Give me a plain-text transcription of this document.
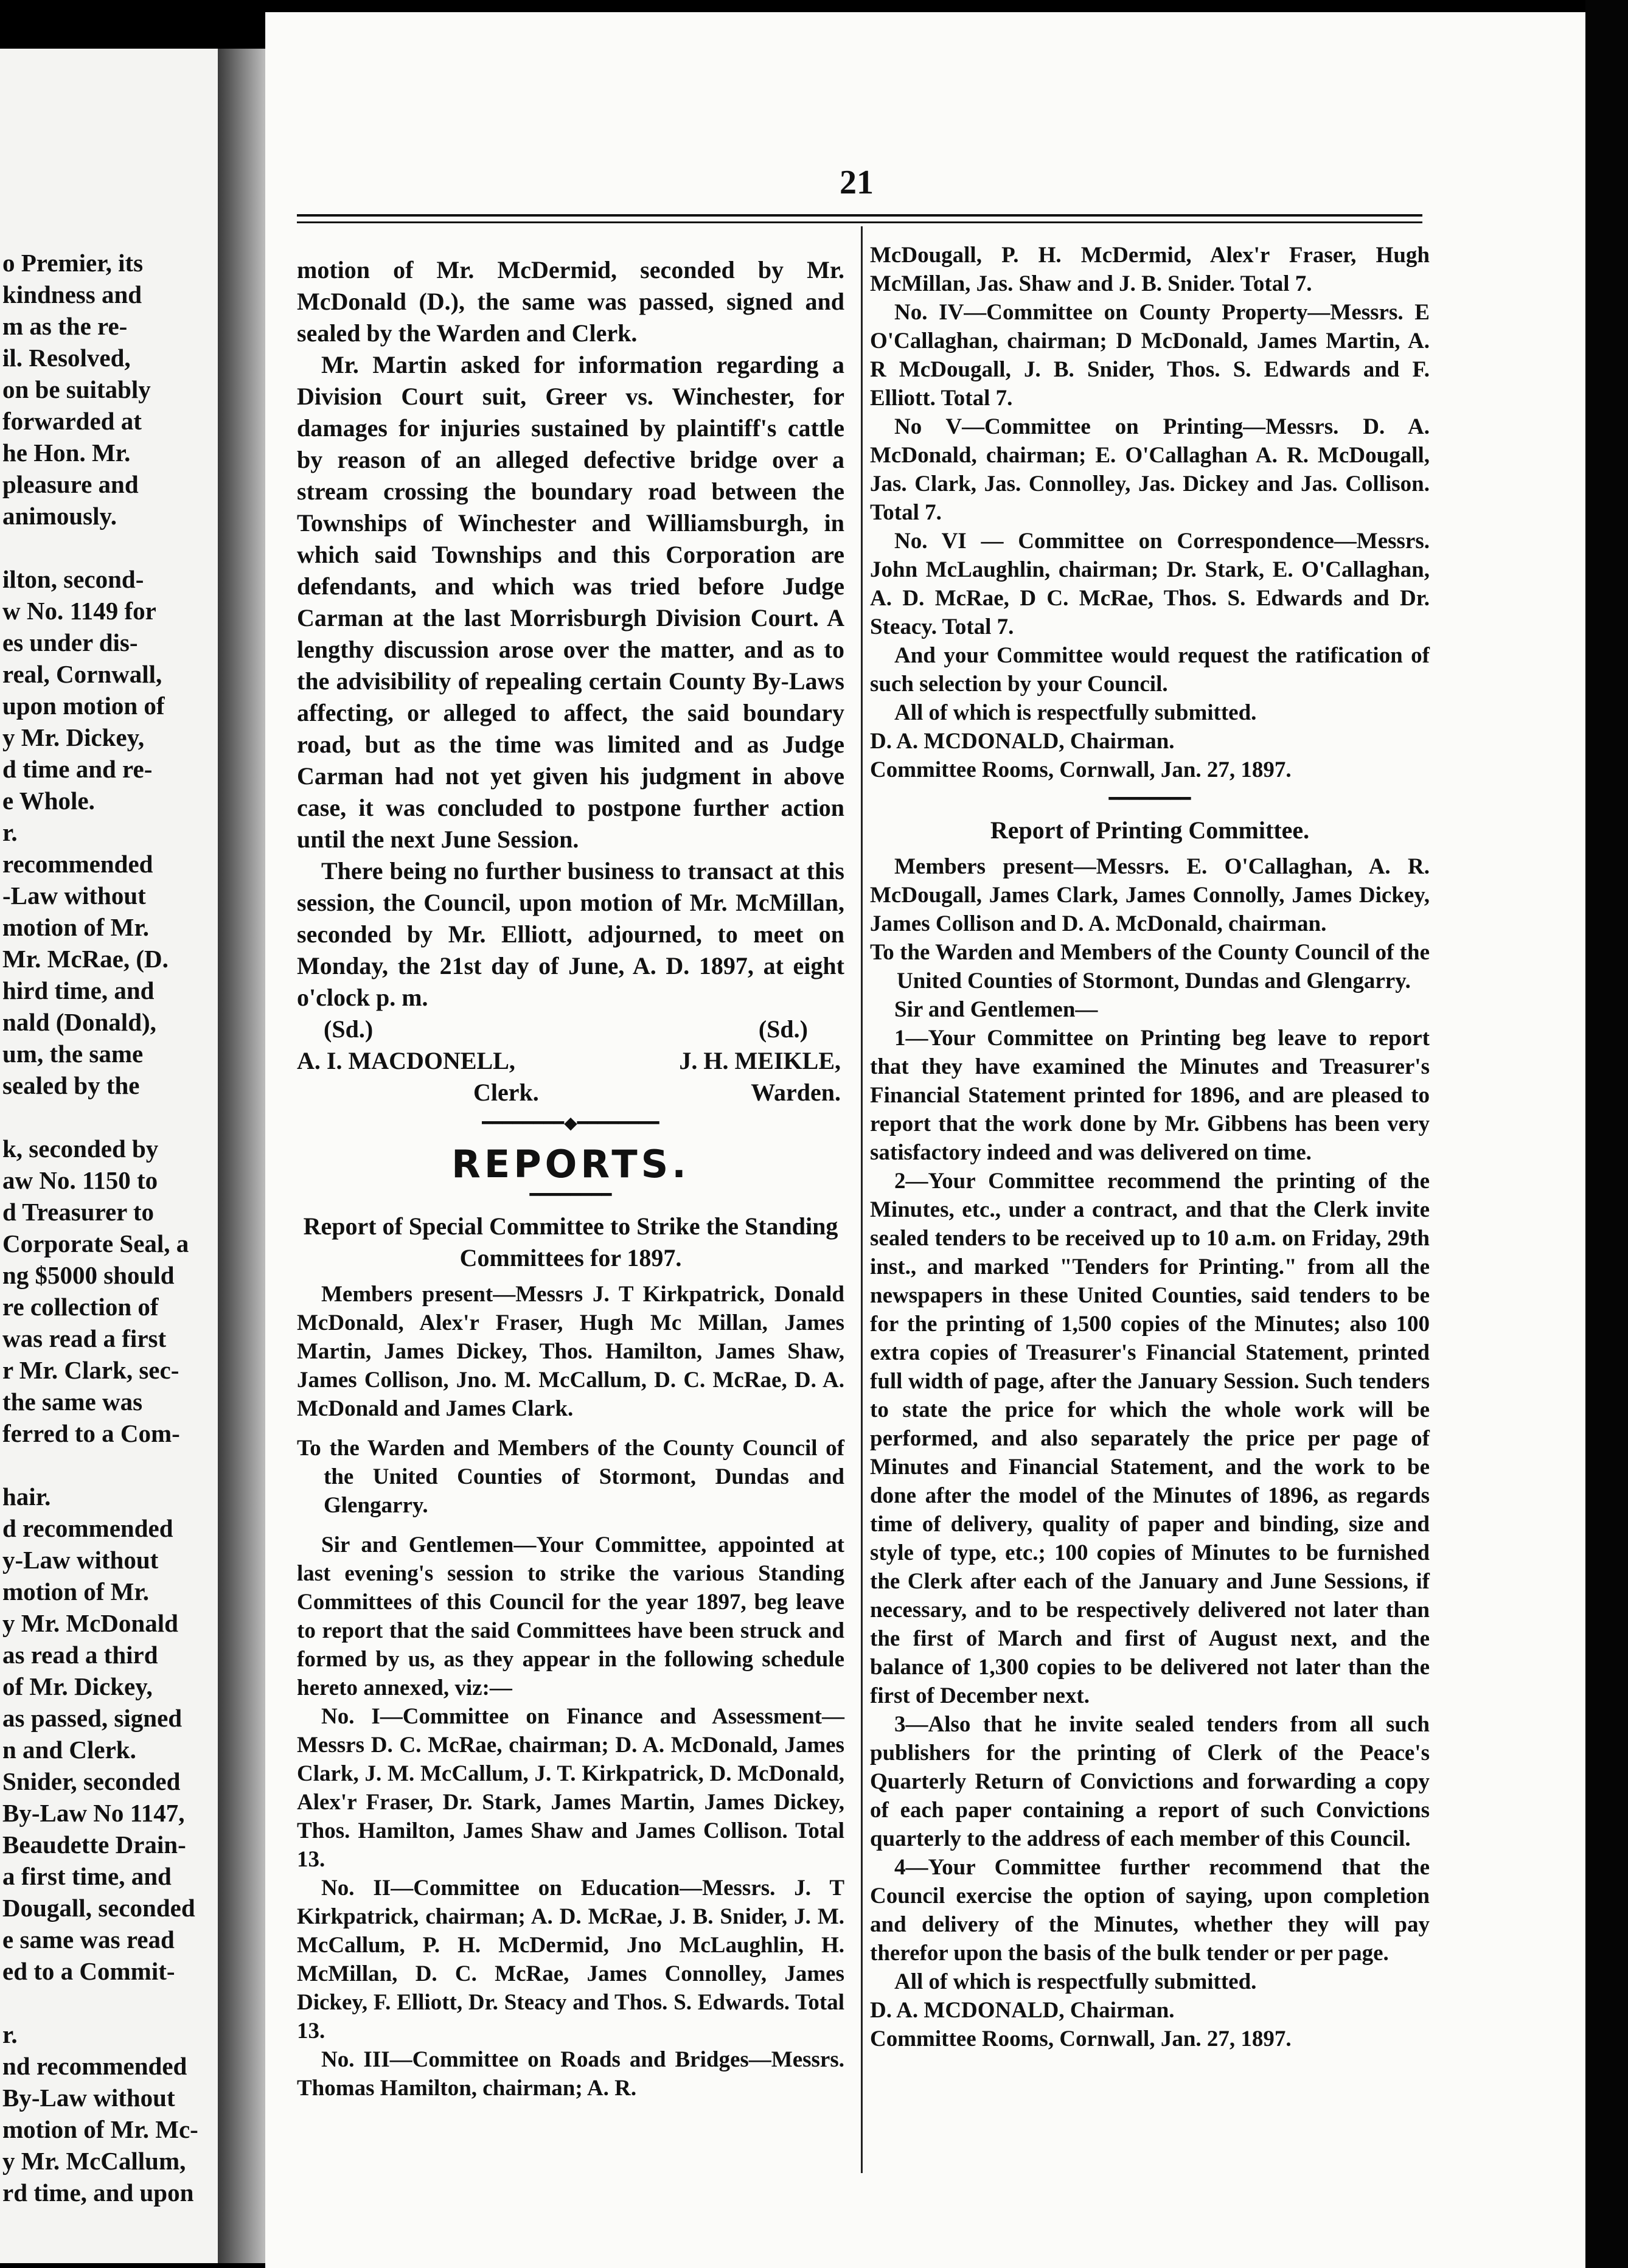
o Premier, its
kindness and
m as the re-
il. Resolved,
on be suitably
forwarded at
he Hon. Mr.
pleasure and
animously.
ilton, second-
w No. 1149 for
es under dis-
real, Cornwall,
upon motion of
y Mr. Dickey,
d time and re-
e Whole.
r.
recommended
-Law without
motion of Mr.
Mr. McRae, (D.
hird time, and
nald (Donald),
um, the same
sealed by the
k, seconded by
aw No. 1150 to
d Treasurer to
Corporate Seal, a
ng $5000 should
re collection of
was read a first
r Mr. Clark, sec-
the same was
ferred to a Com-
hair.
d recommended
y-Law without
motion of Mr.
y Mr. McDonald
as read a third
of Mr. Dickey,
as passed, signed
n and Clerk.
Snider, seconded
By-Law No 1147,
Beaudette Drain-
a first time, and
Dougall, seconded
e same was read
ed to a Commit-
r.
nd recommended
By-Law without
motion of Mr. Mc-
y Mr. McCallum,
rd time, and upon
21

motion of Mr. McDermid, seconded by Mr. McDonald (D.), the same was passed, signed and sealed by the Warden and Clerk.

Mr. Martin asked for information regarding a Division Court suit, Greer vs. Winchester, for damages for injuries sustained by plaintiff's cattle by reason of an alleged defective bridge over a stream crossing the boundary road between the Townships of Winchester and Williamsburgh, in which said Townships and this Corporation are defendants, and which was tried before Judge Carman at the last Morrisburgh Division Court. A lengthy discussion arose over the matter, and as to the advisibility of repealing certain County By-Laws affecting, or alleged to affect, the said boundary road, but as the time was limited and as Judge Carman had not yet given his judgment in above case, it was concluded to postpone further action until the next June Session.

There being no further business to transact at this session, the Council, upon motion of Mr. McMillan, seconded by Mr. Elliott, adjourned, to meet on Monday, the 21st day of June, A. D. 1897, at eight o'clock p. m.

(Sd.)	(Sd.)
A. I. MACDONELL,	J. H. MEIKLE,
Clerk.	Warden.
━━━━━━━━◆━━━━━━━━
REPORTS.
━━━━━━━━
Report of Special Committee to Strike the Standing Committees for 1897.

Members present—Messrs J. T Kirkpatrick, Donald McDonald, Alex'r Fraser, Hugh Mc Millan, James Martin, James Dickey, Thos. Hamilton, James Shaw, James Collison, Jno. M. McCallum, D. C. McRae, D. A. McDonald and James Clark.

To the Warden and Members of the County Council of the United Counties of Stormont, Dundas and Glengarry.

Sir and Gentlemen—Your Committee, appointed at last evening's session to strike the various Standing Committees of this Council for the year 1897, beg leave to report that the said Committees have been struck and formed by us, as they appear in the following schedule hereto annexed, viz:—

No. I—Committee on Finance and Assessment—Messrs D. C. McRae, chairman; D. A. McDonald, James Clark, J. M. McCallum, J. T. Kirkpatrick, D. McDonald, Alex'r Fraser, Dr. Stark, James Martin, James Dickey, Thos. Hamilton, James Shaw and James Collison. Total 13.

No. II—Committee on Education—Messrs. J. T Kirkpatrick, chairman; A. D. McRae, J. B. Snider, J. M. McCallum, P. H. McDermid, Jno McLaughlin, H. McMillan, D. C. McRae, James Connolley, James Dickey, F. Elliott, Dr. Steacy and Thos. S. Edwards. Total 13.

No. III—Committee on Roads and Bridges—Messrs. Thomas Hamilton, chairman; A. R.

McDougall, P. H. McDermid, Alex'r Fraser, Hugh McMillan, Jas. Shaw and J. B. Snider. Total 7.

No. IV—Committee on County Property—Messrs. E O'Callaghan, chairman; D McDonald, James Martin, A. R McDougall, J. B. Snider, Thos. S. Edwards and F. Elliott. Total 7.

No V—Committee on Printing—Messrs. D. A. McDonald, chairman; E. O'Callaghan A. R. McDougall, Jas. Clark, Jas. Connolley, Jas. Dickey and Jas. Collison. Total 7.

No. VI — Committee on Correspondence—Messrs. John McLaughlin, chairman; Dr. Stark, E. O'Callaghan, A. D. McRae, D C. McRae, Thos. S. Edwards and Dr. Steacy. Total 7.

And your Committee would request the ratification of such selection by your Council.

All of which is respectfully submitted.

D. A. MCDONALD, Chairman.

Committee Rooms, Cornwall, Jan. 27, 1897.

━━━━━━━━
Report of Printing Committee.

Members present—Messrs. E. O'Callaghan, A. R. McDougall, James Clark, James Connolly, James Dickey, James Collison and D. A. McDonald, chairman.

To the Warden and Members of the County Council of the United Counties of Stormont, Dundas and Glengarry.

Sir and Gentlemen—

1—Your Committee on Printing beg leave to report that they have examined the Minutes and Treasurer's Financial Statement printed for 1896, and are pleased to report that the work done by Mr. Gibbens has been very satisfactory indeed and was delivered on time.

2—Your Committee recommend the printing of the Minutes, etc., under a contract, and that the Clerk invite sealed tenders to be received up to 10 a.m. on Friday, 29th inst., and marked "Tenders for Printing." from all the newspapers in these United Counties, said tenders to be for the printing of 1,500 copies of the Minutes; also 100 extra copies of Treasurer's Financial Statement, printed full width of page, after the January Session. Such tenders to state the price for which the whole work will be performed, and also separately the price per page of Minutes and Financial Statement, and the work to be done after the model of the Minutes of 1896, as regards time of delivery, quality of paper and binding, size and style of type, etc.; 100 copies of Minutes to be furnished the Clerk after each of the January and June Sessions, if necessary, and to be respectively delivered not later than the first of March and first of August next, and the balance of 1,300 copies to be delivered not later than the first of December next.

3—Also that he invite sealed tenders from all such publishers for the printing of Clerk of the Peace's Quarterly Return of Convictions and forwarding a copy of each paper containing a report of such Convictions quarterly to the address of each member of this Council.

4—Your Committee further recommend that the Council exercise the option of saying, upon completion and delivery of the Minutes, whether they will pay therefor upon the basis of the bulk tender or per page.

All of which is respectfully submitted.

D. A. MCDONALD, Chairman.

Committee Rooms, Cornwall, Jan. 27, 1897.
